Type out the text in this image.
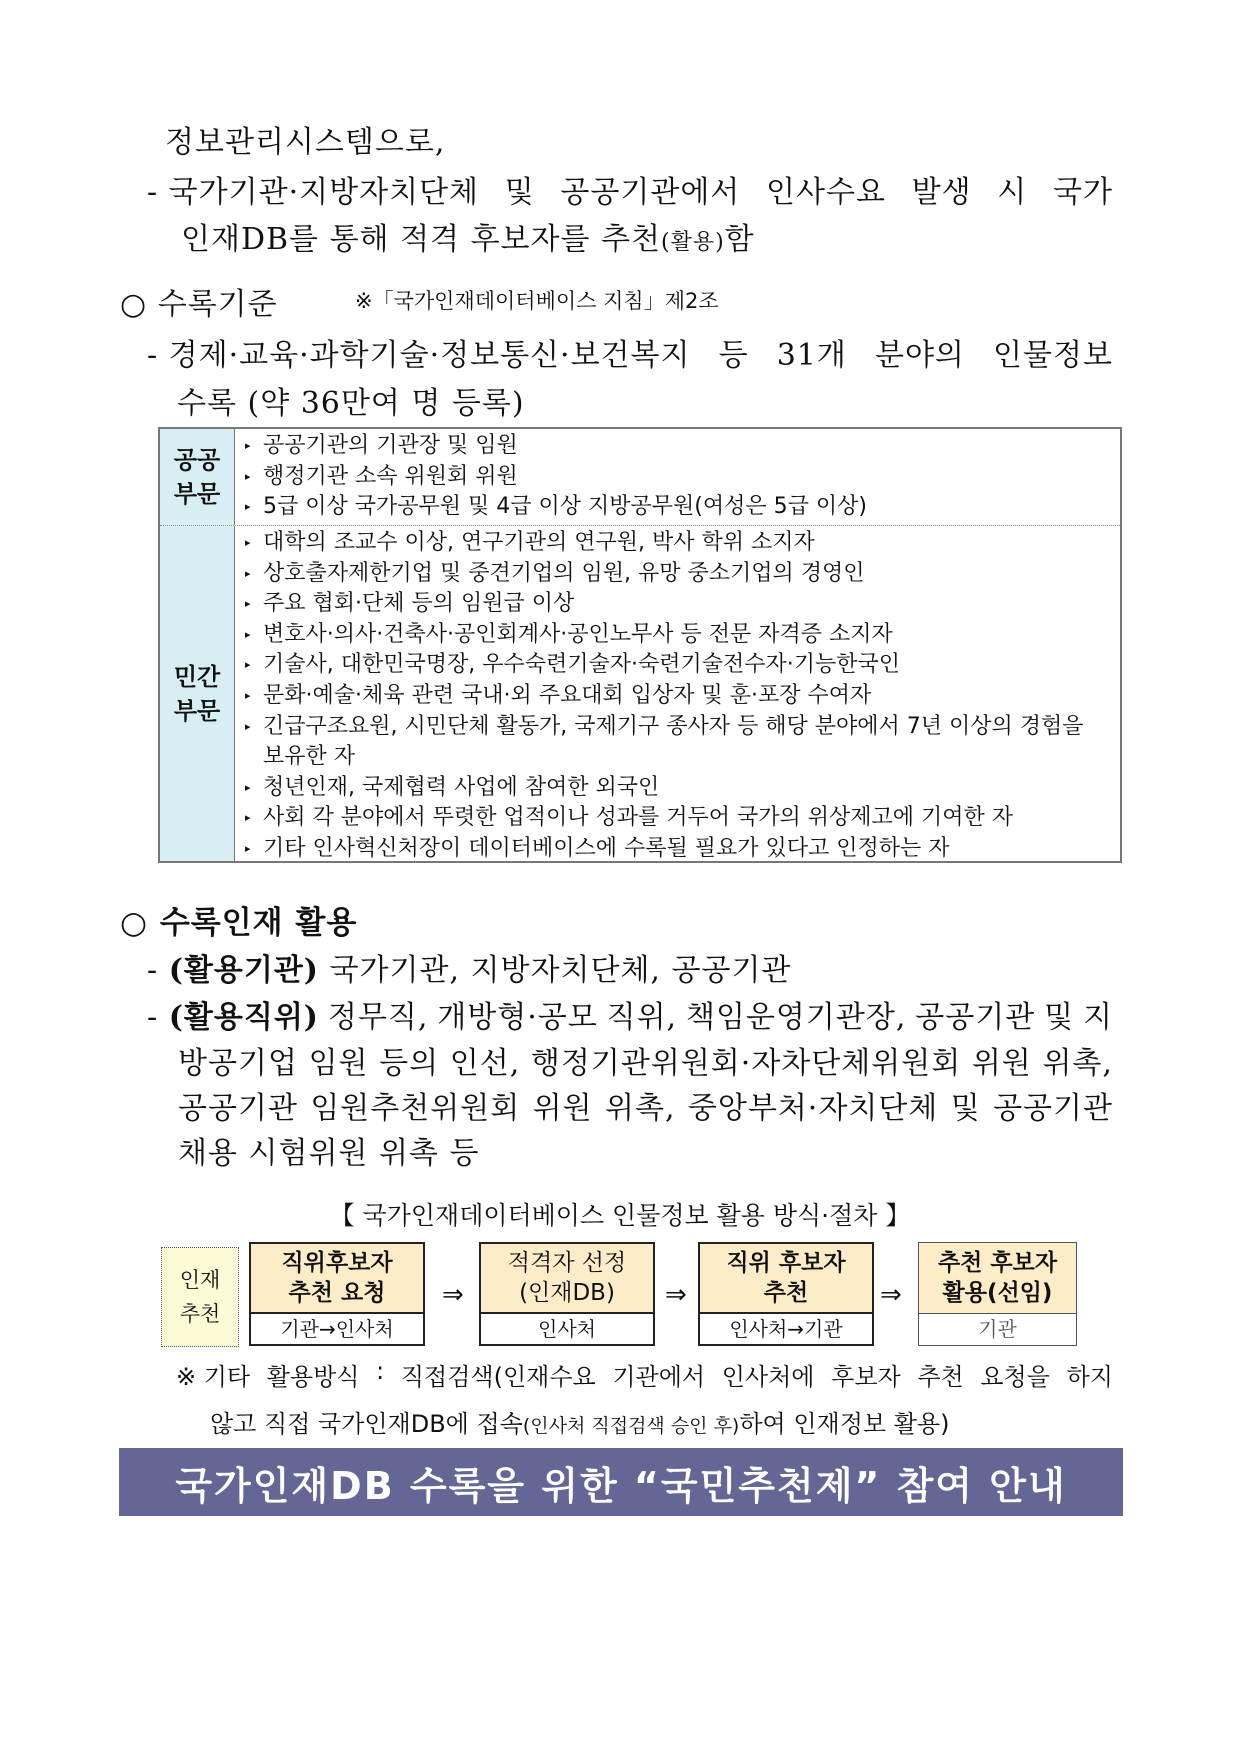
정보관리시스템으로,
- 국가기관·지방자치단체 및 공공기관에서 인사수요 발생 시 국가
인재DB를 통해 적격 후보자를 추천(활용)함
○ 수록기준	※「국가인재데이터베이스 지침」제2조
- 경제·교육·과학기술·정보통신·보건복지 등 31개 분야의 인물정보
수록 (약 36만여 명 등록)
공공
부문
▸ 공공기관의 기관장 및 임원
▸ 행정기관 소속 위원회 위원
▸ 5급 이상 국가공무원 및 4급 이상 지방공무원(여성은 5급 이상)
민간
부문
▸ 대학의 조교수 이상, 연구기관의 연구원, 박사 학위 소지자
▸ 상호출자제한기업 및 중견기업의 임원, 유망 중소기업의 경영인
▸ 주요 협회·단체 등의 임원급 이상
▸ 변호사·의사·건축사·공인회계사·공인노무사 등 전문 자격증 소지자
▸ 기술사, 대한민국명장, 우수숙련기술자·숙련기술전수자·기능한국인
▸ 문화·예술·체육 관련 국내·외 주요대회 입상자 및 훈·포장 수여자
▸ 긴급구조요원, 시민단체 활동가, 국제기구 종사자 등 해당 분야에서 7년 이상의 경험을
보유한 자
▸ 청년인재, 국제협력 사업에 참여한 외국인
▸ 사회 각 분야에서 뚜렷한 업적이나 성과를 거두어 국가의 위상제고에 기여한 자
▸ 기타 인사혁신처장이 데이터베이스에 수록될 필요가 있다고 인정하는 자
○ 수록인재 활용
- (활용기관) 국가기관, 지방자치단체, 공공기관
- (활용직위) 정무직, 개방형·공모 직위, 책임운영기관장, 공공기관 및 지
방공기업 임원 등의 인선, 행정기관위원회·자차단체위원회 위원 위촉,
공공기관 임원추천위원회 위원 위촉, 중앙부처·자치단체 및 공공기관
채용 시험위원 위촉 등
【 국가인재데이터베이스 인물정보 활용 방식·절차 】
인재
추천
직위후보자
추천 요청
기관→인사처
⇒
적격자 선정
(인재DB)
인사처
⇒
직위 후보자
추천
인사처→기관
⇒
추천 후보자
활용(선임)
기관
※ 기타 활용방식 : 직접검색(인재수요 기관에서 인사처에 후보자 추천 요청을 하지
않고 직접 국가인재DB에 접속(인사처 직접검색 승인 후)하여 인재정보 활용)
국가인재DB 수록을 위한 “국민추천제” 참여 안내
